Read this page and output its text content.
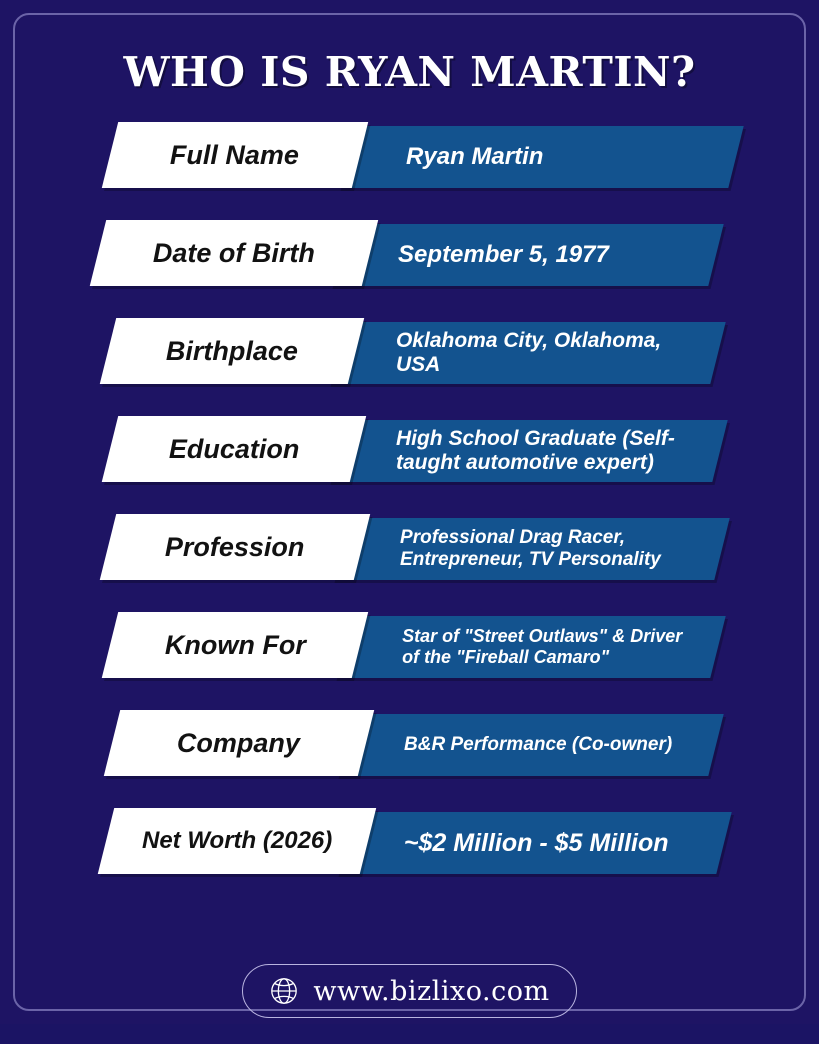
WHO IS RYAN MARTIN?
Full Name	Ryan Martin
Date of Birth	September 5, 1977
Birthplace	Oklahoma City, Oklahoma, USA
Education	High School Graduate (Self-taught automotive expert)
Profession	Professional Drag Racer, Entrepreneur, TV Personality
Known For	Star of "Street Outlaws" & Driver of the "Fireball Camaro"
Company	B&R Performance (Co-owner)
Net Worth (2026)	~$2 Million - $5 Million
www.bizlixo.com
